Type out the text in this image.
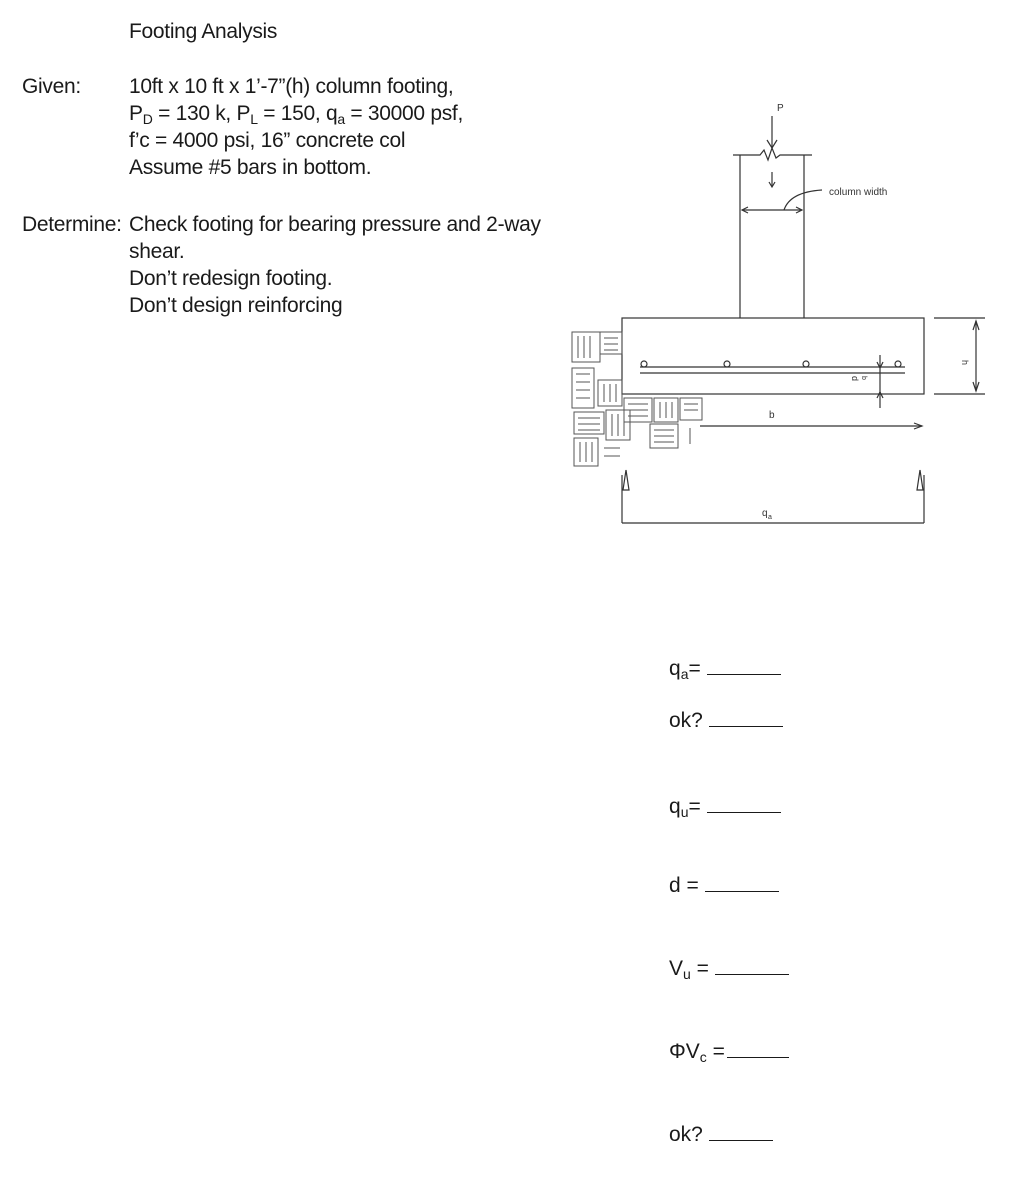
Footing Analysis
Given: 10ft x 10 ft x 1’-7”(h) column footing,
$P_D = 130$ k, $P_L = 150$, $q_a = 30000$ psf,
f’c = 4000 psi, 16” concrete col
Assume #5 bars in bottom.
Determine: Check footing for bearing pressure and 2-way
shear.
Don’t redesign footing.
Don’t design reinforcing
P
column width
b
h
d b
q a
$q_a=$
ok?
$q_u=$
d =
$V_u$ =
$\Phi V_c$ =
ok?
